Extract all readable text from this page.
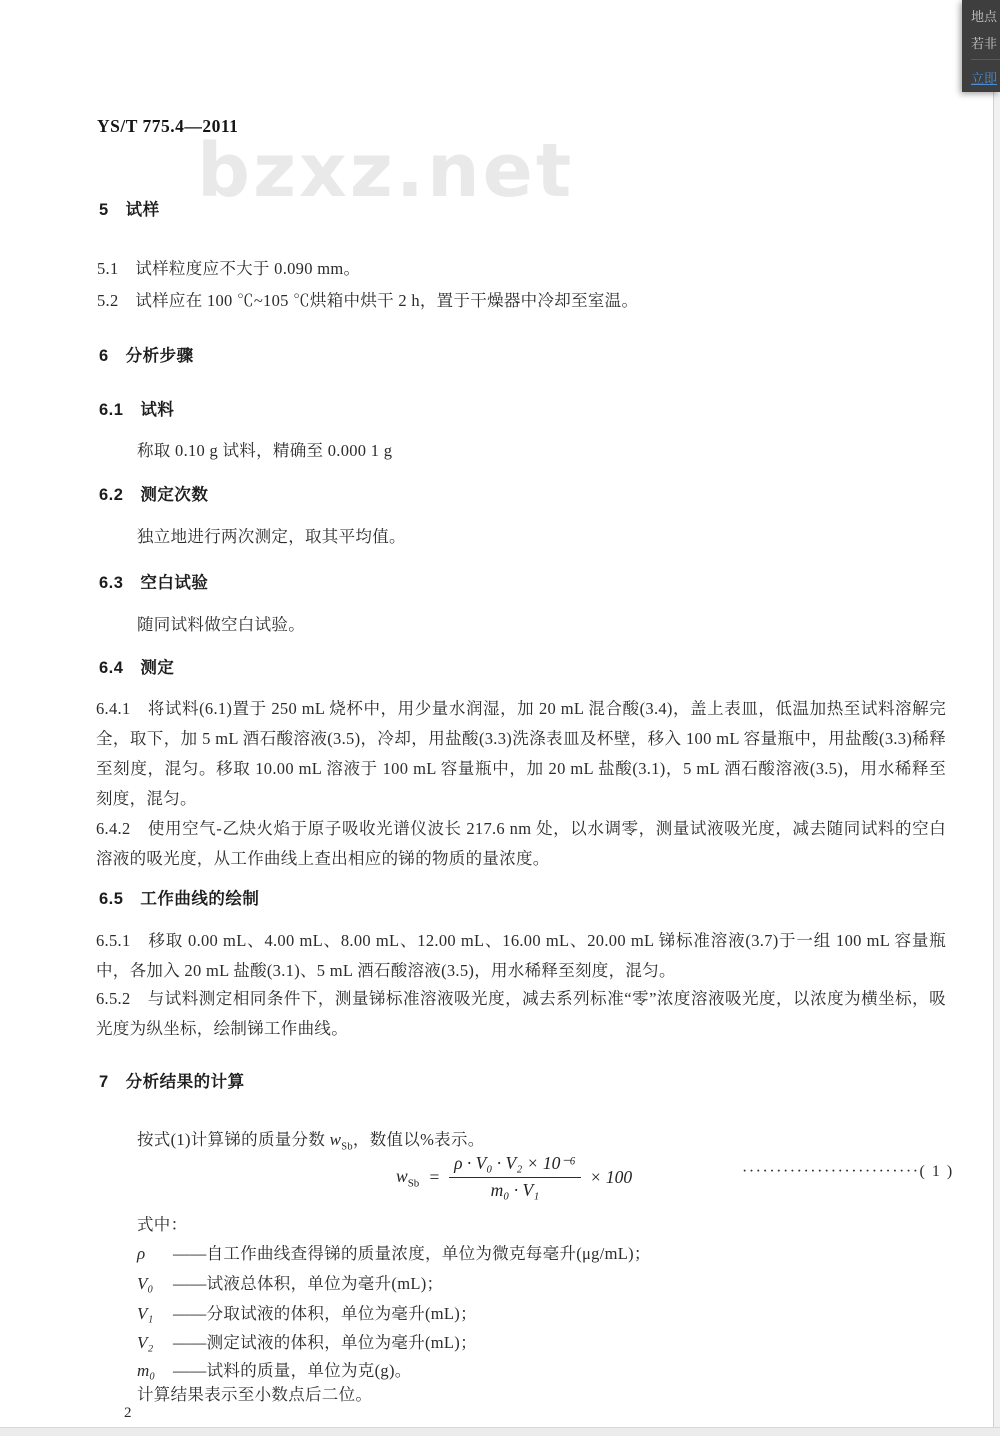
bzxz.net
YS/T 775.4—2011
5　试样
5.1　试样粒度应不大于 0.090 mm。
5.2　试样应在 100 ℃~105 ℃烘箱中烘干 2 h，置于干燥器中冷却至室温。
6　分析步骤
6.1　试料
称取 0.10 g 试料，精确至 0.000 1 g
6.2　测定次数
独立地进行两次测定，取其平均值。
6.3　空白试验
随同试料做空白试验。
6.4　测定
6.4.1　将试料(6.1)置于 250 mL 烧杯中，用少量水润湿，加 20 mL 混合酸(3.4)，盖上表皿，低温加热至试料溶解完全，取下，加 5 mL 酒石酸溶液(3.5)，冷却，用盐酸(3.3)洗涤表皿及杯壁，移入 100 mL 容量瓶中，用盐酸(3.3)稀释至刻度，混匀。移取 10.00 mL 溶液于 100 mL 容量瓶中，加 20 mL 盐酸(3.1)，5 mL 酒石酸溶液(3.5)，用水稀释至刻度，混匀。
6.4.2　使用空气-乙炔火焰于原子吸收光谱仪波长 217.6 nm 处，以水调零，测量试液吸光度，减去随同试料的空白溶液的吸光度，从工作曲线上查出相应的锑的物质的量浓度。
6.5　工作曲线的绘制
6.5.1　移取 0.00 mL、4.00 mL、8.00 mL、12.00 mL、16.00 mL、20.00 mL 锑标准溶液(3.7)于一组 100 mL 容量瓶中，各加入 20 mL 盐酸(3.1)、5 mL 酒石酸溶液(3.5)，用水稀释至刻度，混匀。
6.5.2　与试料测定相同条件下，测量锑标准溶液吸光度，减去系列标准“零”浓度溶液吸光度，以浓度为横坐标，吸光度为纵坐标，绘制锑工作曲线。
7　分析结果的计算
按式(1)计算锑的质量分数 $w_{Sb}$，数值以%表示。
$w_{Sb} = \frac{\text{ρ · V₀ · V₂ × 10⁻⁶}}{\text{m₀ · V₁}} \times 100$	··························( 1 )
式中：
ρ	——自工作曲线查得锑的质量浓度，单位为微克每毫升(μg/mL)；
V₀	——试液总体积，单位为毫升(mL)；
V₁	——分取试液的体积，单位为毫升(mL)；
V₂	——测定试液的体积，单位为毫升(mL)；
m₀	——试料的质量，单位为克(g)。
计算结果表示至小数点后二位。
2
地点
若非
立即
